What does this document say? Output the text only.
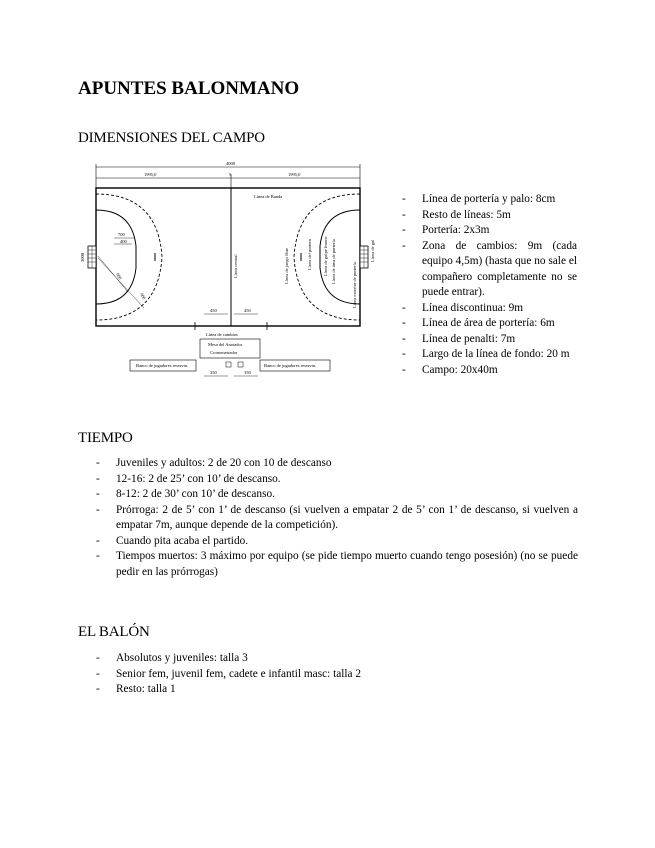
APUNTES BALONMANO
DIMENSIONES DEL CAMPO
4000
1995,0	1995,0
5
Línea de Banda
Línea central	Línea de juego libre
3000
700
400
600
900
Línea de gol
Línea de área de portería
Línea de golpe franco
Línea del portero
Línea exterior de portería
450	450
Línea de cambios
Mesa del Anotador
Cronometrador
Banco de jugadores reservas	Banco de jugadores reservas
350	350
- Línea de portería y palo: 8cm
- Resto de líneas: 5m
- Portería: 2x3m
- Zona de cambios: 9m (cada equipo 4,5m) (hasta que no sale el compañero completamente no se puede entrar).
- Línea discontinua: 9m
- Línea de área de portería: 6m
- Línea de penalti: 7m
- Largo de la línea de fondo: 20 m
- Campo: 20x40m
TIEMPO
- Juveniles y adultos: 2 de 20 con 10 de descanso
- 12-16: 2 de 25’ con 10’ de descanso.
- 8-12: 2 de 30’ con 10’ de descanso.
- Prórroga: 2 de 5’ con 1’ de descanso (si vuelven a empatar 2 de 5’ con 1’ de descanso, si vuelven a empatar 7m, aunque depende de la competición).
- Cuando pita acaba el partido.
- Tiempos muertos: 3 máximo por equipo (se pide tiempo muerto cuando tengo posesión) (no se puede pedir en las prórrogas)
EL BALÓN
- Absolutos y juveniles: talla 3
- Senior fem, juvenil fem, cadete e infantil masc: talla 2
- Resto: talla 1
